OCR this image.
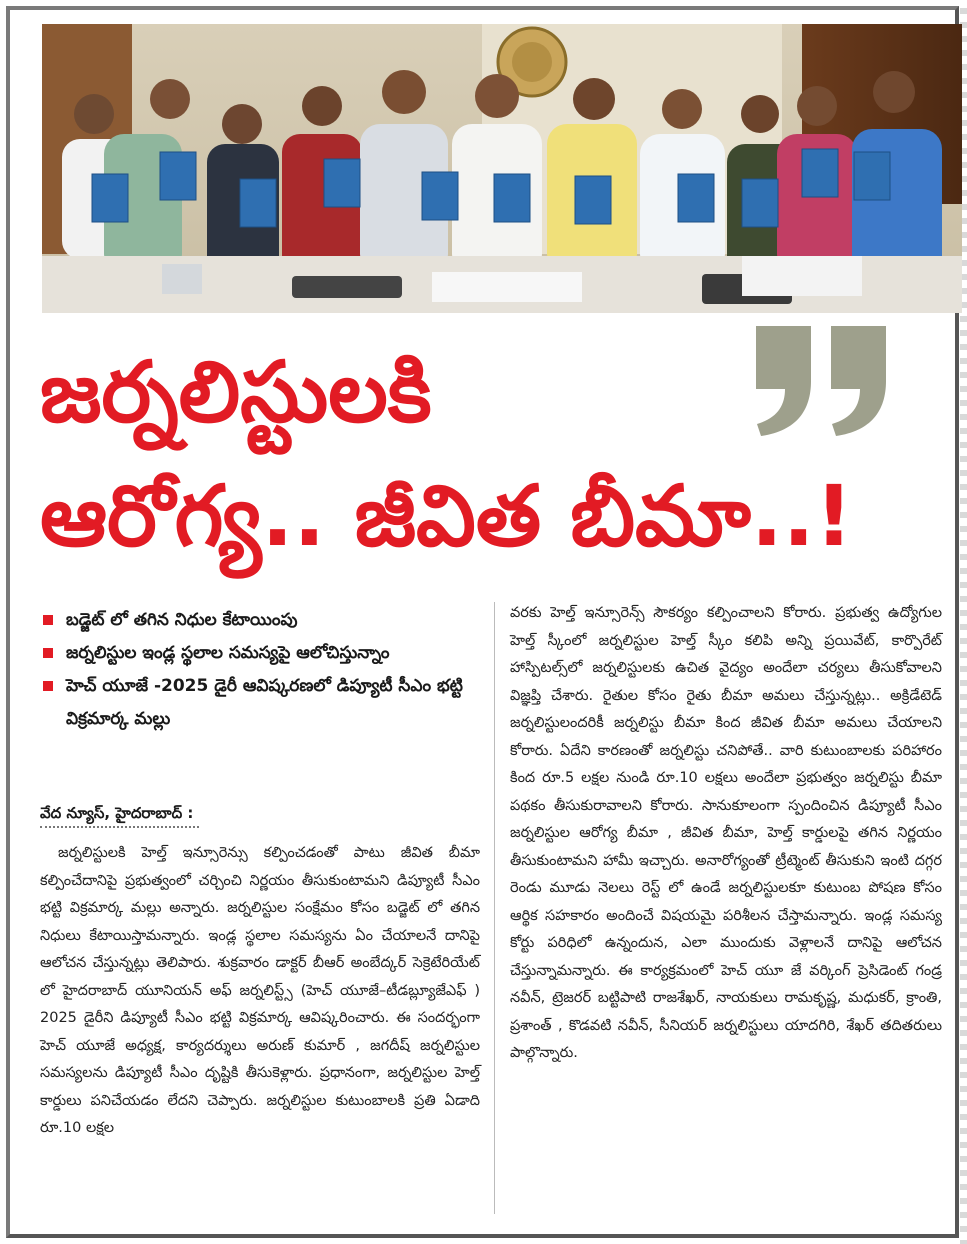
జర్నలిస్టులకి
ఆరోగ్య.. జీవిత బీమా..!
బడ్జెట్ లో తగిన నిధుల కేటాయింపు
జర్నలిస్టుల ఇండ్ల స్థలాల సమస్యపై ఆలోచిస్తున్నాం
హెచ్ యూజే -2025 డైరీ ఆవిష్కరణలో డిప్యూటీ సీఎం భట్టి విక్రమార్క మల్లు
వేద న్యూస్, హైదరాబాద్ :
జర్నలిస్టులకి హెల్త్ ఇన్సూరెన్సు కల్పించడంతో పాటు జీవిత బీమా కల్పించేదానిపై ప్రభుత్వంలో చర్చించి నిర్ణయం తీసుకుంటామని డిప్యూటీ సీఎం భట్టి విక్రమార్క మల్లు అన్నారు. జర్నలిస్టుల సంక్షేమం కోసం బడ్జెట్ లో తగిన నిధులు కేటాయిస్తామన్నారు. ఇండ్ల స్థలాల సమస్యను ఏం చేయాలనే దానిపై ఆలోచన చేస్తున్నట్లు తెలిపారు. శుక్రవారం డాక్టర్ బీఆర్ అంబేద్కర్ సెక్రెటేరియేట్ లో హైదరాబాద్ యూనియన్ అఫ్ జర్నలిస్ట్స్ (హెచ్ యూజే–టీడబ్ల్యూజేఎఫ్ ) 2025 డైరీని డిప్యూటీ సీఎం భట్టి విక్రమార్క ఆవిష్కరించారు. ఈ సందర్భంగా హెచ్ యూజే అధ్యక్ష, కార్యదర్శులు అరుణ్ కుమార్ , జగదీష్ జర్నలిస్టుల సమస్యలను డిప్యూటీ సీఎం దృష్టికి తీసుకెళ్లారు. ప్రధానంగా, జర్నలిస్టుల హెల్త్ కార్డులు పనిచేయడం లేదని చెప్పారు. జర్నలిస్టుల కుటుంబాలకి ప్రతి ఏడాది రూ.10 లక్షల
వరకు హెల్త్ ఇన్సూరెన్స్ సౌకర్యం కల్పించాలని కోరారు. ప్రభుత్వ ఉద్యోగుల హెల్త్ స్కీంలో జర్నలిస్టుల హెల్త్ స్కీం కలిపి అన్ని ప్రయివేట్, కార్పొరేట్ హాస్పిటల్స్‌లో జర్నలిస్టులకు ఉచిత వైద్యం అందేలా చర్యలు తీసుకోవాలని విజ్ఞప్తి చేశారు. రైతుల కోసం రైతు బీమా అమలు చేస్తున్నట్లు.. అక్రిడేటెడ్ జర్నలిస్టులందరికీ జర్నలిస్టు బీమా కింద జీవిత బీమా అమలు చేయాలని కోరారు. ఏదేని కారణంతో జర్నలిస్టు చనిపోతే.. వారి కుటుంబాలకు పరిహారం కింద రూ.5 లక్షల నుండి రూ.10 లక్షలు అందేలా ప్రభుత్వం జర్నలిస్టు బీమా పథకం తీసుకురావాలని కోరారు. సానుకూలంగా స్పందించిన డిప్యూటీ సీఎం జర్నలిస్టుల ఆరోగ్య బీమా , జీవిత బీమా, హెల్త్ కార్డులపై తగిన నిర్ణయం తీసుకుంటామని హామీ ఇచ్చారు. అనారోగ్యంతో ట్రీట్మెంట్ తీసుకుని ఇంటి దగ్గర రెండు మూడు నెలలు రెస్ట్ లో ఉండే జర్నలిస్టులకూ కుటుంబ పోషణ కోసం ఆర్థిక సహకారం అందించే విషయమై పరిశీలన చేస్తామన్నారు. ఇండ్ల సమస్య కోర్టు పరిధిలో ఉన్నందున, ఎలా ముందుకు వెళ్లాలనే దానిపై ఆలోచన చేస్తున్నామన్నారు. ఈ కార్యక్రమంలో హెచ్ యూ జే వర్కింగ్ ప్రెసిడెంట్ గండ్ర నవీన్, ట్రెజరర్ బట్టిపాటి రాజశేఖర్, నాయకులు రామకృష్ణ, మధుకర్, క్రాంతి, ప్రశాంత్ , కొడవటి నవీన్, సీనియర్ జర్నలిస్టులు యాదగిరి, శేఖర్ తదితరులు పాల్గొన్నారు.
